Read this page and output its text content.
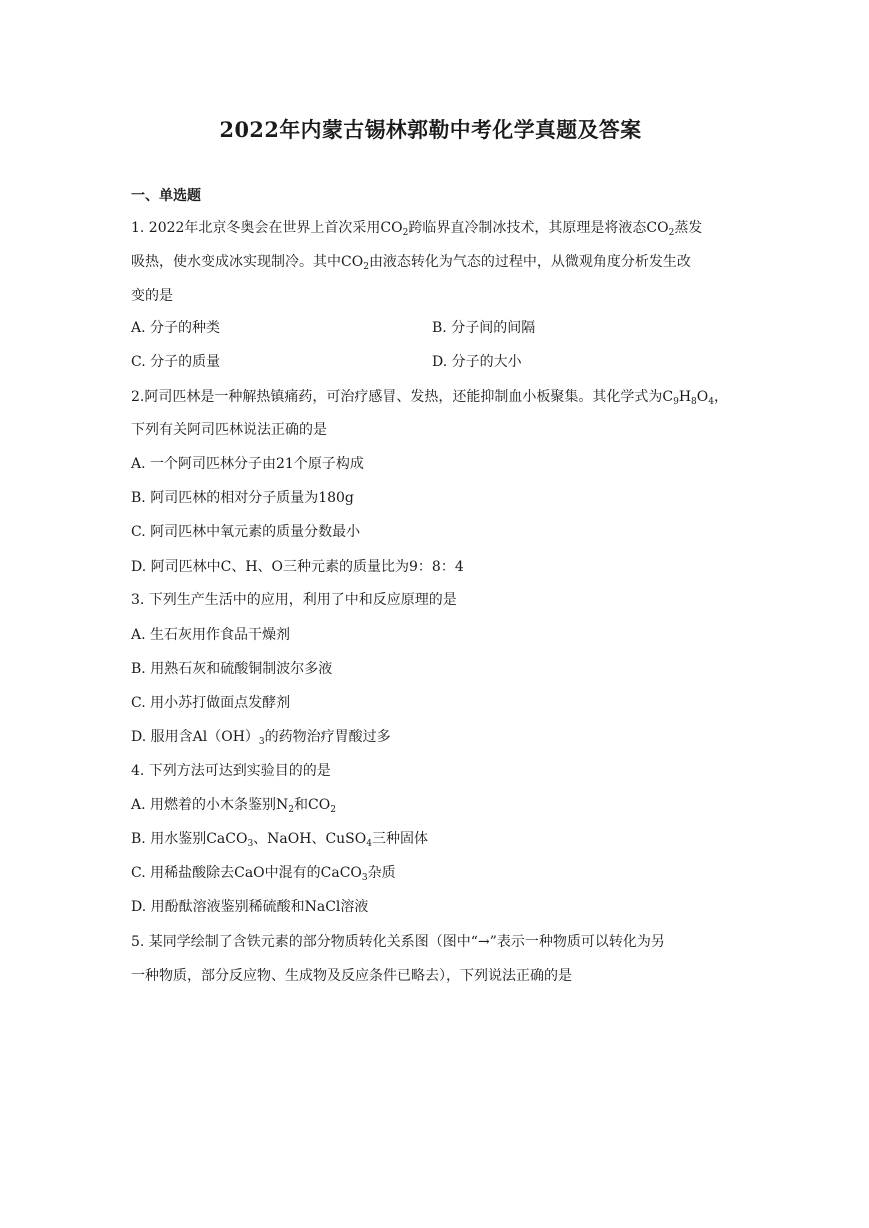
2022年内蒙古锡林郭勒中考化学真题及答案
一、单选题
1. 2022年北京冬奥会在世界上首次采用$CO_2$跨临界直冷制冰技术，其原理是将液态$CO_2$蒸发
吸热，使水变成冰实现制冷。其中$CO_2$由液态转化为气态的过程中，从微观角度分析发生改
变的是
A. 分子的种类	B. 分子间的间隔
C. 分子的质量	D. 分子的大小
2.阿司匹林是一种解热镇痛药，可治疗感冒、发热，还能抑制血小板聚集。其化学式为$C_9H_8O_4$，
下列有关阿司匹林说法正确的是
A. 一个阿司匹林分子由21个原子构成
B. 阿司匹林的相对分子质量为180g
C. 阿司匹林中氧元素的质量分数最小
D. 阿司匹林中C、H、O三种元素的质量比为9：8：4
3. 下列生产生活中的应用，利用了中和反应原理的是
A. 生石灰用作食品干燥剂
B. 用熟石灰和硫酸铜制波尔多液
C. 用小苏打做面点发酵剂
D. 服用含$Al(OH)_3$的药物治疗胃酸过多
4. 下列方法可达到实验目的的是
A. 用燃着的小木条鉴别$N_2$和$CO_2$
B. 用水鉴别CaCO$_3$、NaOH、CuSO$_4$三种固体
C. 用稀盐酸除去CaO中混有的CaCO$_3$杂质
D. 用酚酞溶液鉴别稀硫酸和NaCl溶液
5. 某同学绘制了含铁元素的部分物质转化关系图（图中“→”表示一种物质可以转化为另
一种物质，部分反应物、生成物及反应条件已略去），下列说法正确的是
